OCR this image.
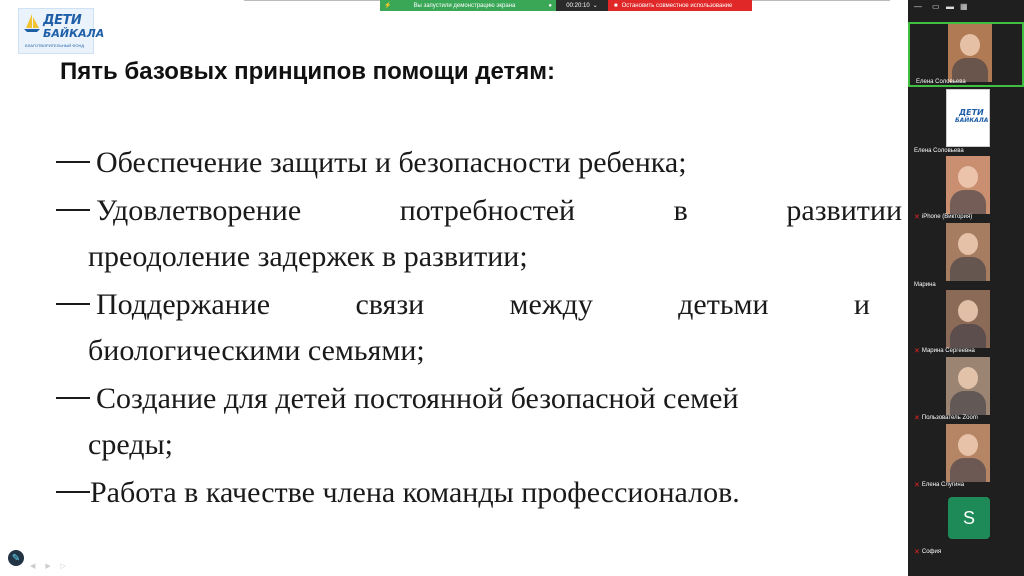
ДЕТИ
БАЙКАЛА
БЛАГОТВОРИТЕЛЬНЫЙ ФОНД
⚡	Вы запустили демонстрацию экрана	● 00:20:10 ⌄	■ Остановить совместное использование
Пять базовых принципов помощи детям:
Обеспечение защиты и безопасности ребенка;
Удовлетворение	потребностей	в	развитии
преодоление задержек в развитии;
Поддержание	связи	между	детьми	и
биологическими семьями;
Создание для детей постоянной безопасной семей
среды;
Работа в качестве члена команды профессионалов.
✎
◀ ▶ ▷
— ▭ ▬ ▦
Елена Соловьева
ДЕТИ
БАЙКАЛА
Елена Соловьева
✕ iPhone (Виктория)
Марина
✕ Марина Сергеевна
✕ Пользователь Zoom
✕ Елена Слугина
S
✕ София
